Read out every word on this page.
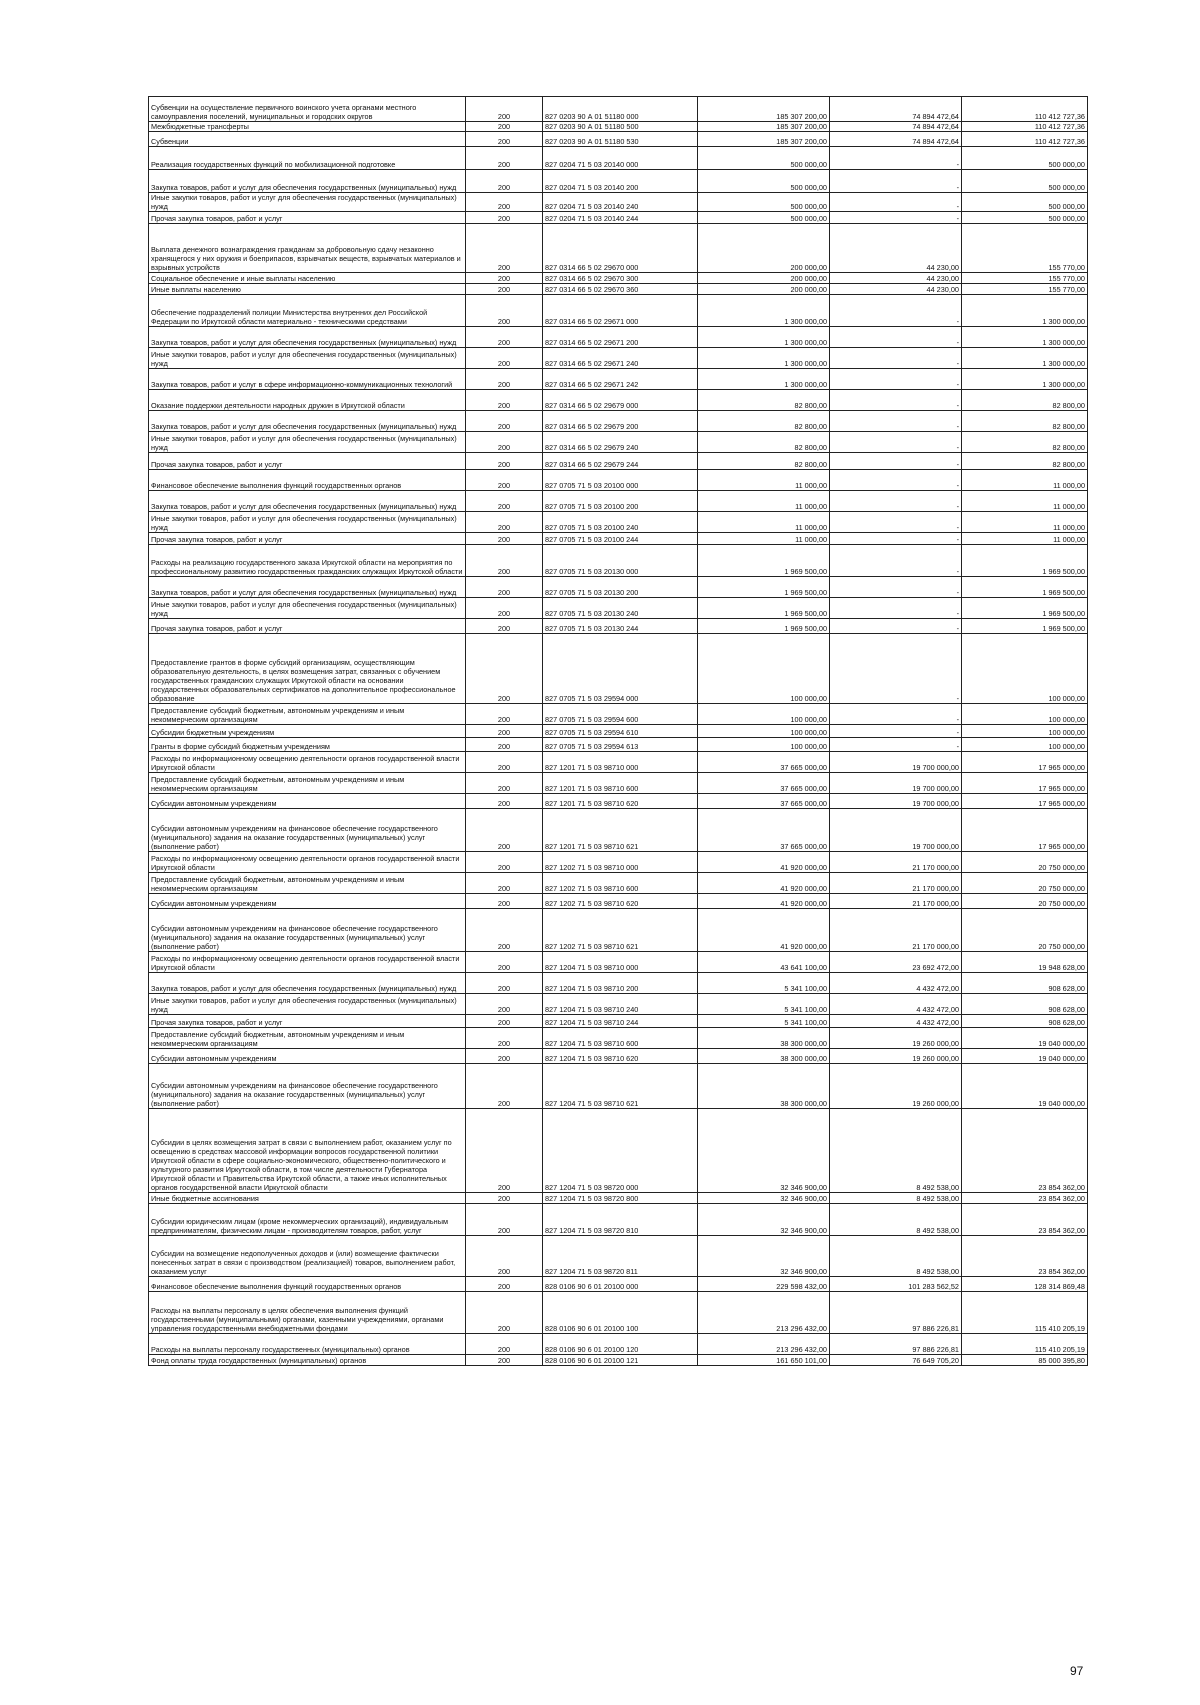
Субвенции на осуществление первичного воинского учета органами местного самоуправления поселений, муниципальных и городских округов	200	827 0203 90 А 01 51180 000	185 307 200,00	74 894 472,64	110 412 727,36
Межбюджетные трансферты	200	827 0203 90 А 01 51180 500	185 307 200,00	74 894 472,64	110 412 727,36
Субвенции	200	827 0203 90 А 01 51180 530	185 307 200,00	74 894 472,64	110 412 727,36
Реализация государственных функций по мобилизационной подготовке	200	827 0204 71 5 03 20140 000	500 000,00	-	500 000,00
Закупка товаров, работ и услуг для обеспечения государственных (муниципальных) нужд	200	827 0204 71 5 03 20140 200	500 000,00	-	500 000,00
Иные закупки товаров, работ и услуг для обеспечения государственных (муниципальных) нужд	200	827 0204 71 5 03 20140 240	500 000,00	-	500 000,00
Прочая закупка товаров, работ и услуг	200	827 0204 71 5 03 20140 244	500 000,00	-	500 000,00
Выплата денежного вознаграждения гражданам за добровольную сдачу незаконно хранящегося у них оружия и боеприпасов, взрывчатых веществ, взрывчатых материалов и взрывных устройств	200	827 0314 66 5 02 29670 000	200 000,00	44 230,00	155 770,00
Социальное обеспечение и иные выплаты населению	200	827 0314 66 5 02 29670 300	200 000,00	44 230,00	155 770,00
Иные выплаты населению	200	827 0314 66 5 02 29670 360	200 000,00	44 230,00	155 770,00
Обеспечение подразделений полиции Министерства внутренних дел Российской Федерации по Иркутской области материально - техническими средствами	200	827 0314 66 5 02 29671 000	1 300 000,00	-	1 300 000,00
Закупка товаров, работ и услуг для обеспечения государственных (муниципальных) нужд	200	827 0314 66 5 02 29671 200	1 300 000,00	-	1 300 000,00
Иные закупки товаров, работ и услуг для обеспечения государственных (муниципальных) нужд	200	827 0314 66 5 02 29671 240	1 300 000,00	-	1 300 000,00
Закупка товаров, работ и услуг в сфере информационно-коммуникационных технологий	200	827 0314 66 5 02 29671 242	1 300 000,00	-	1 300 000,00
Оказание поддержки деятельности народных дружин в Иркутской области	200	827 0314 66 5 02 29679 000	82 800,00	-	82 800,00
Закупка товаров, работ и услуг для обеспечения государственных (муниципальных) нужд	200	827 0314 66 5 02 29679 200	82 800,00	-	82 800,00
Иные закупки товаров, работ и услуг для обеспечения государственных (муниципальных) нужд	200	827 0314 66 5 02 29679 240	82 800,00	-	82 800,00
Прочая закупка товаров, работ и услуг	200	827 0314 66 5 02 29679 244	82 800,00	-	82 800,00
Финансовое обеспечение выполнения функций государственных органов	200	827 0705 71 5 03 20100 000	11 000,00	-	11 000,00
Закупка товаров, работ и услуг для обеспечения государственных (муниципальных) нужд	200	827 0705 71 5 03 20100 200	11 000,00	-	11 000,00
Иные закупки товаров, работ и услуг для обеспечения государственных (муниципальных) нужд	200	827 0705 71 5 03 20100 240	11 000,00	-	11 000,00
Прочая закупка товаров, работ и услуг	200	827 0705 71 5 03 20100 244	11 000,00	-	11 000,00
Расходы на реализацию государственного заказа Иркутской области на мероприятия по профессиональному развитию государственных гражданских служащих Иркутской области	200	827 0705 71 5 03 20130 000	1 969 500,00	-	1 969 500,00
Закупка товаров, работ и услуг для обеспечения государственных (муниципальных) нужд	200	827 0705 71 5 03 20130 200	1 969 500,00	-	1 969 500,00
Иные закупки товаров, работ и услуг для обеспечения государственных (муниципальных) нужд	200	827 0705 71 5 03 20130 240	1 969 500,00	-	1 969 500,00
Прочая закупка товаров, работ и услуг	200	827 0705 71 5 03 20130 244	1 969 500,00	-	1 969 500,00
Предоставление грантов в форме субсидий организациям, осуществляющим образовательную деятельность, в целях возмещения затрат, связанных с обучением государственных гражданских служащих Иркутской области на основании государственных образовательных сертификатов на дополнительное профессиональное образование	200	827 0705 71 5 03 29594 000	100 000,00	-	100 000,00
Предоставление субсидий бюджетным, автономным учреждениям и иным некоммерческим организациям	200	827 0705 71 5 03 29594 600	100 000,00	-	100 000,00
Субсидии бюджетным учреждениям	200	827 0705 71 5 03 29594 610	100 000,00	-	100 000,00
Гранты в форме субсидий бюджетным учреждениям	200	827 0705 71 5 03 29594 613	100 000,00	-	100 000,00
Расходы по информационному освещению деятельности органов государственной власти Иркутской области	200	827 1201 71 5 03 98710 000	37 665 000,00	19 700 000,00	17 965 000,00
Предоставление субсидий бюджетным, автономным учреждениям и иным некоммерческим организациям	200	827 1201 71 5 03 98710 600	37 665 000,00	19 700 000,00	17 965 000,00
Субсидии автономным учреждениям	200	827 1201 71 5 03 98710 620	37 665 000,00	19 700 000,00	17 965 000,00
Субсидии автономным учреждениям на финансовое обеспечение государственного (муниципального) задания на оказание государственных (муниципальных) услуг (выполнение работ)	200	827 1201 71 5 03 98710 621	37 665 000,00	19 700 000,00	17 965 000,00
Расходы по информационному освещению деятельности органов государственной власти Иркутской области	200	827 1202 71 5 03 98710 000	41 920 000,00	21 170 000,00	20 750 000,00
Предоставление субсидий бюджетным, автономным учреждениям и иным некоммерческим организациям	200	827 1202 71 5 03 98710 600	41 920 000,00	21 170 000,00	20 750 000,00
Субсидии автономным учреждениям	200	827 1202 71 5 03 98710 620	41 920 000,00	21 170 000,00	20 750 000,00
Субсидии автономным учреждениям на финансовое обеспечение государственного (муниципального) задания на оказание государственных (муниципальных) услуг (выполнение работ)	200	827 1202 71 5 03 98710 621	41 920 000,00	21 170 000,00	20 750 000,00
Расходы по информационному освещению деятельности органов государственной власти Иркутской области	200	827 1204 71 5 03 98710 000	43 641 100,00	23 692 472,00	19 948 628,00
Закупка товаров, работ и услуг для обеспечения государственных (муниципальных) нужд	200	827 1204 71 5 03 98710 200	5 341 100,00	4 432 472,00	908 628,00
Иные закупки товаров, работ и услуг для обеспечения государственных (муниципальных) нужд	200	827 1204 71 5 03 98710 240	5 341 100,00	4 432 472,00	908 628,00
Прочая закупка товаров, работ и услуг	200	827 1204 71 5 03 98710 244	5 341 100,00	4 432 472,00	908 628,00
Предоставление субсидий бюджетным, автономным учреждениям и иным некоммерческим организациям	200	827 1204 71 5 03 98710 600	38 300 000,00	19 260 000,00	19 040 000,00
Субсидии автономным учреждениям	200	827 1204 71 5 03 98710 620	38 300 000,00	19 260 000,00	19 040 000,00
Субсидии автономным учреждениям на финансовое обеспечение государственного (муниципального) задания на оказание государственных (муниципальных) услуг (выполнение работ)	200	827 1204 71 5 03 98710 621	38 300 000,00	19 260 000,00	19 040 000,00
Субсидии в целях возмещения затрат в связи с выполнением работ, оказанием услуг по освещению в средствах массовой информации вопросов государственной политики Иркутской области в сфере социально-экономического, общественно-политического и культурного развития Иркутской области, в том числе деятельности Губернатора Иркутской области и Правительства Иркутской области, а также иных исполнительных органов государственной власти Иркутской области	200	827 1204 71 5 03 98720 000	32 346 900,00	8 492 538,00	23 854 362,00
Иные бюджетные ассигнования	200	827 1204 71 5 03 98720 800	32 346 900,00	8 492 538,00	23 854 362,00
Субсидии юридическим лицам (кроме некоммерческих организаций), индивидуальным предпринимателям, физическим лицам - производителям товаров, работ, услуг	200	827 1204 71 5 03 98720 810	32 346 900,00	8 492 538,00	23 854 362,00
Субсидии на возмещение недополученных доходов и (или) возмещение фактически понесенных затрат в связи с производством (реализацией) товаров, выполнением работ, оказанием услуг	200	827 1204 71 5 03 98720 811	32 346 900,00	8 492 538,00	23 854 362,00
Финансовое обеспечение выполнения функций государственных органов	200	828 0106 90 6 01 20100 000	229 598 432,00	101 283 562,52	128 314 869,48
Расходы на выплаты персоналу в целях обеспечения выполнения функций государственными (муниципальными) органами, казенными учреждениями, органами управления государственными внебюджетными фондами	200	828 0106 90 6 01 20100 100	213 296 432,00	97 886 226,81	115 410 205,19
Расходы на выплаты персоналу государственных (муниципальных) органов	200	828 0106 90 6 01 20100 120	213 296 432,00	97 886 226,81	115 410 205,19
Фонд оплаты труда государственных (муниципальных) органов	200	828 0106 90 6 01 20100 121	161 650 101,00	76 649 705,20	85 000 395,80
97
